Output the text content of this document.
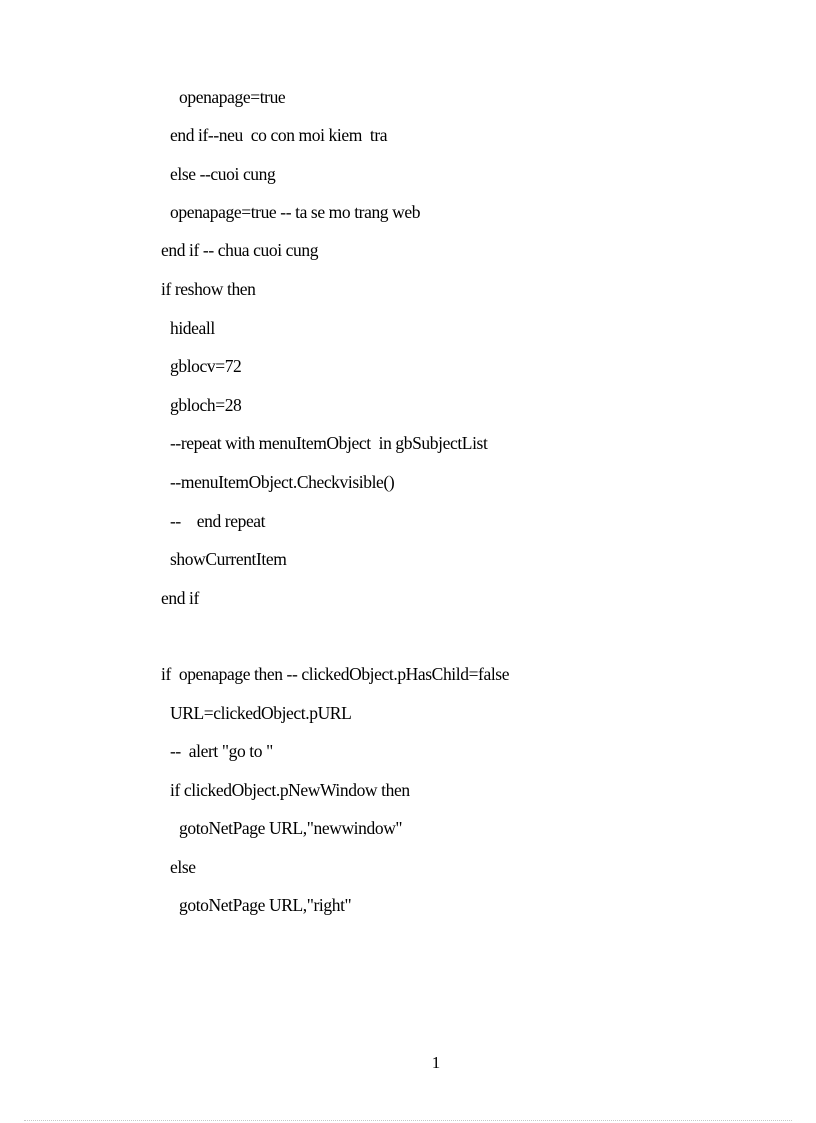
openapage=true
end if--neu  co con moi kiem  tra
else --cuoi cung
openapage=true -- ta se mo trang web
end if -- chua cuoi cung
if reshow then
hideall
gblocv=72
gbloch=28
--repeat with menuItemObject  in gbSubjectList
--menuItemObject.Checkvisible()
--    end repeat
showCurrentItem
end if
if  openapage then -- clickedObject.pHasChild=false
URL=clickedObject.pURL
--  alert "go to "
if clickedObject.pNewWindow then
gotoNetPage URL,"newwindow"
else
gotoNetPage URL,"right"
1
